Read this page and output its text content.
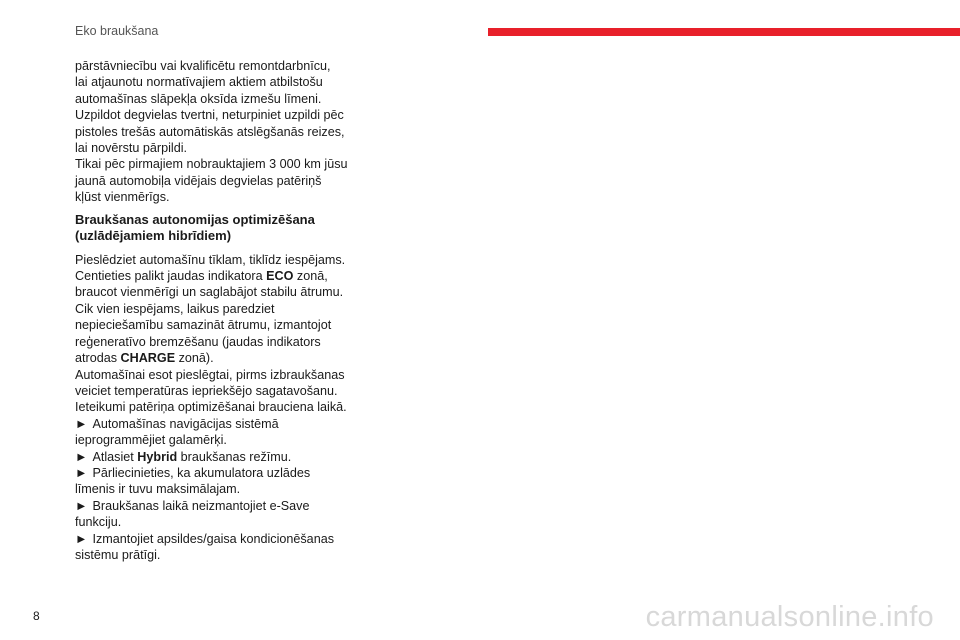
Eko braukšana

pārstāvniecību vai kvalificētu remontdarbnīcu,

lai atjaunotu normatīvajiem aktiem atbilstošu

automašīnas slāpekļa oksīda izmešu līmeni.

Uzpildot degvielas tvertni, neturpiniet uzpildi pēc

pistoles trešās automātiskās atslēgšanās reizes,

lai novērstu pārpildi.

Tikai pēc pirmajiem nobrauktajiem 3 000 km jūsu

jaunā automobiļa vidējais degvielas patēriņš

kļūst vienmērīgs.

Braukšanas autonomijas optimizēšana
(uzlādējamiem hibrīdiem)

Pieslēdziet automašīnu tīklam, tiklīdz iespējams.

Centieties palikt jaudas indikatora ECO zonā,

braucot vienmērīgi un saglabājot stabilu ātrumu.

Cik vien iespējams, laikus paredziet

nepieciešamību samazināt ātrumu, izmantojot

reģeneratīvo bremzēšanu (jaudas indikators

atrodas CHARGE zonā).

Automašīnai esot pieslēgtai, pirms izbraukšanas

veiciet temperatūras iepriekšējo sagatavošanu.

Ieteikumi patēriņa optimizēšanai brauciena laikā.

► Automašīnas navigācijas sistēmā

ieprogrammējiet galamērķi.

► Atlasiet Hybrid braukšanas režīmu.

► Pārliecinieties, ka akumulatora uzlādes

līmenis ir tuvu maksimālajam.

► Braukšanas laikā neizmantojiet e-Save

funkciju.

► Izmantojiet apsildes/gaisa kondicionēšanas

sistēmu prātīgi.

8	carmanualsonline.info
